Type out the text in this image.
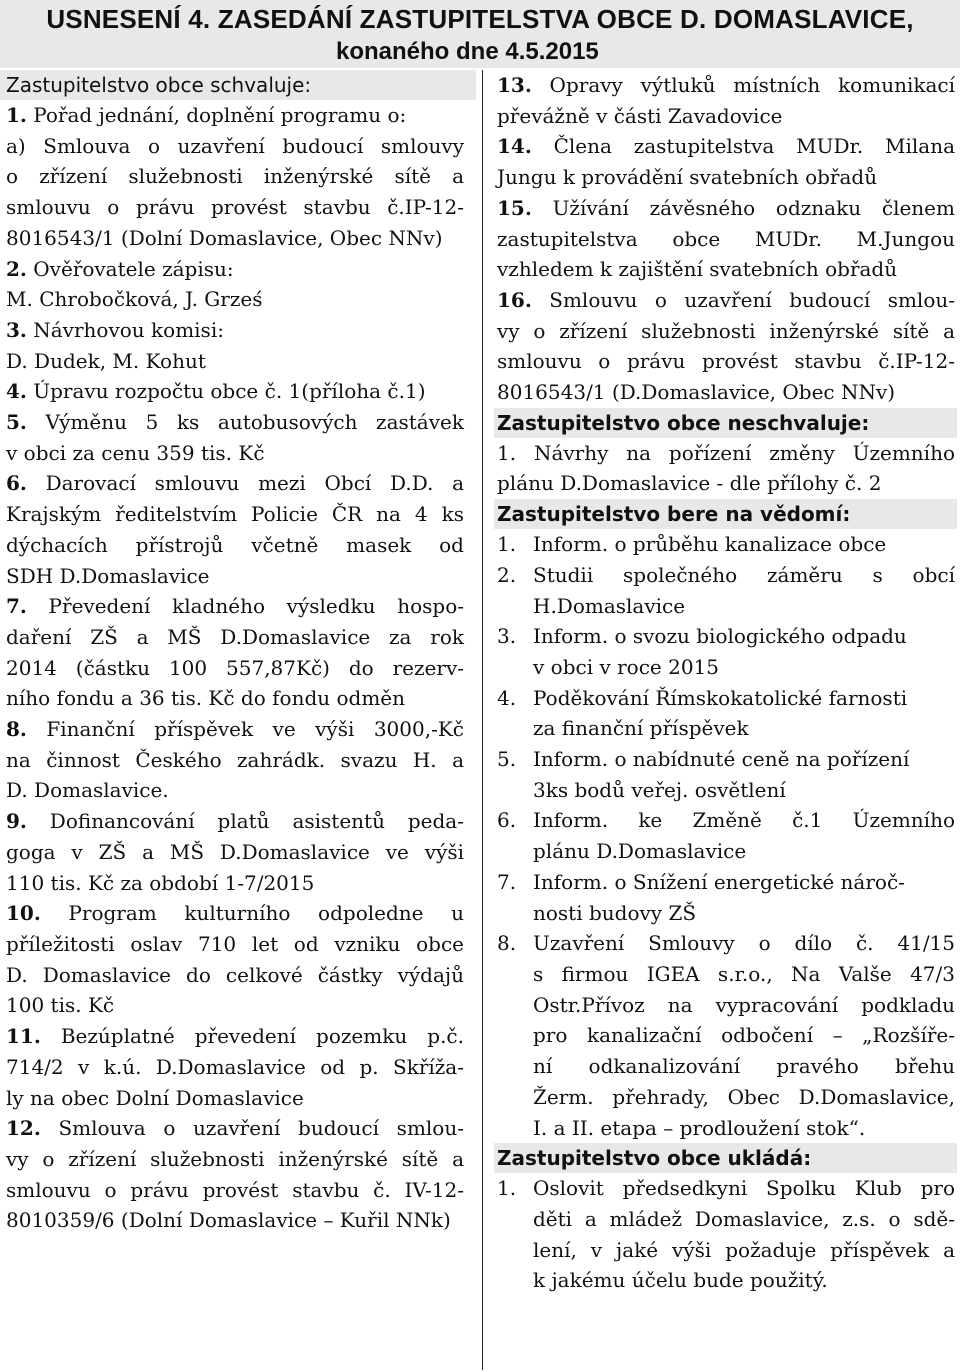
USNESENÍ 4. ZASEDÁNÍ ZASTUPITELSTVA OBCE D. DOMASLAVICE,
konaného dne 4.5.2015
Zastupitelstvo obce schvaluje:
1. Pořad jednání, doplnění programu o:
a) Smlouva o uzavření budoucí smlouvy
o zřízení služebnosti inženýrské sítě a
smlouvu o právu provést stavbu č.IP-12-
8016543/1 (Dolní Domaslavice, Obec NNv)
2. Ověřovatele zápisu:
M. Chrobočková, J. Grześ
3. Návrhovou komisi:
D. Dudek, M. Kohut
4. Úpravu rozpočtu obce č. 1(příloha č.1)
5. Výměnu 5 ks autobusových zastávek
v obci za cenu 359 tis. Kč
6. Darovací smlouvu mezi Obcí D.D. a
Krajským ředitelstvím Policie ČR na 4 ks
dýchacích přístrojů včetně masek od
SDH D.Domaslavice
7. Převedení kladného výsledku hospo-
daření ZŠ a MŠ D.Domaslavice za rok
2014 (částku 100 557,87Kč) do rezerv-
ního fondu a 36 tis. Kč do fondu odměn
8. Finanční příspěvek ve výši 3000,-Kč
na činnost Českého zahrádk. svazu H. a
D. Domaslavice.
9. Dofinancování platů asistentů peda-
goga v ZŠ a MŠ D.Domaslavice ve výši
110 tis. Kč za období 1-7/2015
10. Program kulturního odpoledne u
příležitosti oslav 710 let od vzniku obce
D. Domaslavice do celkové částky výdajů
100 tis. Kč
11. Bezúplatné převedení pozemku p.č.
714/2 v k.ú. D.Domaslavice od p. Skříža-
ly na obec Dolní Domaslavice
12. Smlouva o uzavření budoucí smlou-
vy o zřízení služebnosti inženýrské sítě a
smlouvu o právu provést stavbu č. IV-12-
8010359/6 (Dolní Domaslavice – Kuřil NNk)
13. Opravy výtluků místních komunikací
převážně v části Zavadovice
14. Člena zastupitelstva MUDr. Milana
Jungu k provádění svatebních obřadů
15. Užívání závěsného odznaku členem
zastupitelstva obce MUDr. M.Jungou
vzhledem k zajištění svatebních obřadů
16. Smlouvu o uzavření budoucí smlou-
vy o zřízení služebnosti inženýrské sítě a
smlouvu o právu provést stavbu č.IP-12-
8016543/1 (D.Domaslavice, Obec NNv)
Zastupitelstvo obce neschvaluje:
1. Návrhy na pořízení změny Územního
plánu D.Domaslavice - dle přílohy č. 2
Zastupitelstvo bere na vědomí:
1. Inform. o průběhu kanalizace obce
2. Studii společného záměru s obcí
H.Domaslavice
3. Inform. o svozu biologického odpadu
v obci v roce 2015
4. Poděkování Římskokatolické farnosti
za finanční příspěvek
5. Inform. o nabídnuté ceně na pořízení
3ks bodů veřej. osvětlení
6. Inform. ke Změně č.1 Územního
plánu D.Domaslavice
7. Inform. o Snížení energetické nároč-
nosti budovy ZŠ
8. Uzavření Smlouvy o dílo č. 41/15
s firmou IGEA s.r.o., Na Valše 47/3
Ostr.Přívoz na vypracování podkladu
pro kanalizační odbočení – „Rozšíře-
ní odkanalizování pravého břehu
Žerm. přehrady, Obec D.Domaslavice,
I. a II. etapa – prodloužení stok“.
Zastupitelstvo obce ukládá:
1. Oslovit předsedkyni Spolku Klub pro
děti a mládež Domaslavice, z.s. o sdě-
lení, v jaké výši požaduje příspěvek a
k jakému účelu bude použitý.
